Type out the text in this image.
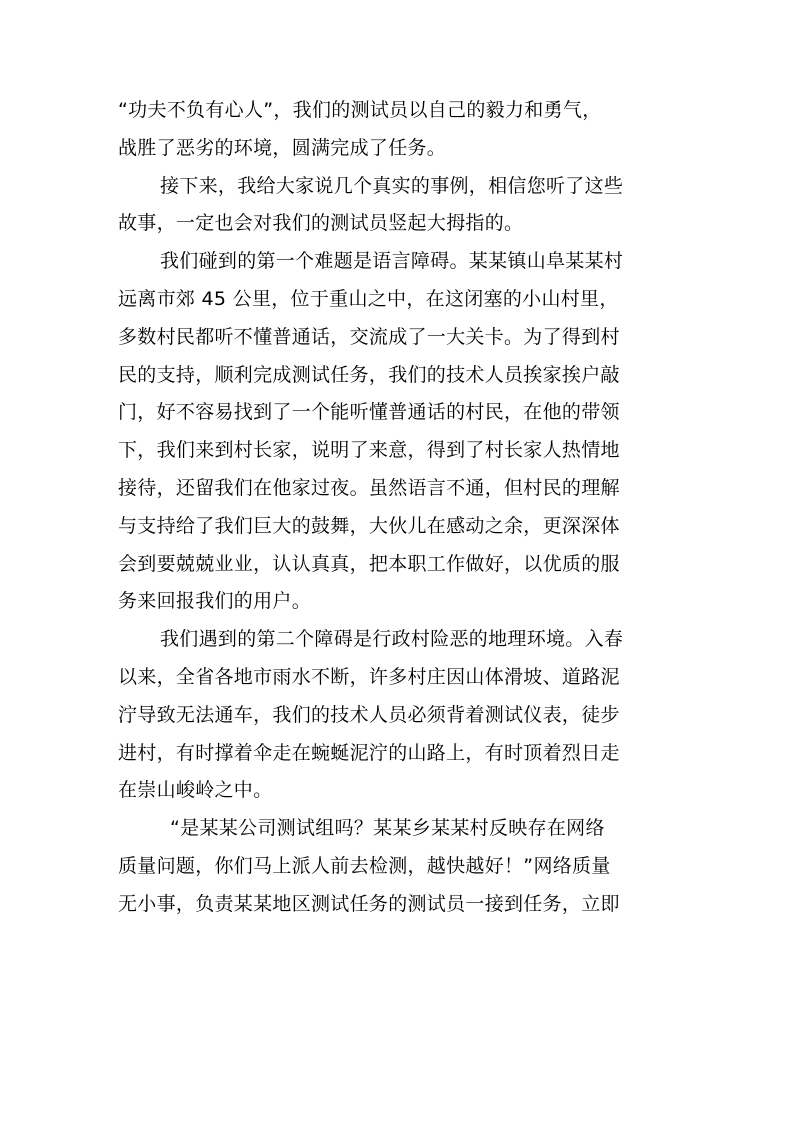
“功夫不负有心人”，我们的测试员以自己的毅力和勇气，
战胜了恶劣的环境，圆满完成了任务。
接下来，我给大家说几个真实的事例，相信您听了这些
故事，一定也会对我们的测试员竖起大拇指的。
我们碰到的第一个难题是语言障碍。某某镇山阜某某村
远离市郊 45 公里，位于重山之中，在这闭塞的小山村里，
多数村民都听不懂普通话，交流成了一大关卡。为了得到村
民的支持，顺利完成测试任务，我们的技术人员挨家挨户敲
门，好不容易找到了一个能听懂普通话的村民，在他的带领
下，我们来到村长家，说明了来意，得到了村长家人热情地
接待，还留我们在他家过夜。虽然语言不通，但村民的理解
与支持给了我们巨大的鼓舞，大伙儿在感动之余，更深深体
会到要兢兢业业，认认真真，把本职工作做好，以优质的服
务来回报我们的用户。
我们遇到的第二个障碍是行政村险恶的地理环境。入春
以来，全省各地市雨水不断，许多村庄因山体滑坡、道路泥
泞导致无法通车，我们的技术人员必须背着测试仪表，徒步
进村，有时撑着伞走在蜿蜒泥泞的山路上，有时顶着烈日走
在崇山峻岭之中。
“是某某公司测试组吗？某某乡某某村反映存在网络
质量问题，你们马上派人前去检测，越快越好！”网络质量
无小事，负责某某地区测试任务的测试员一接到任务，立即
